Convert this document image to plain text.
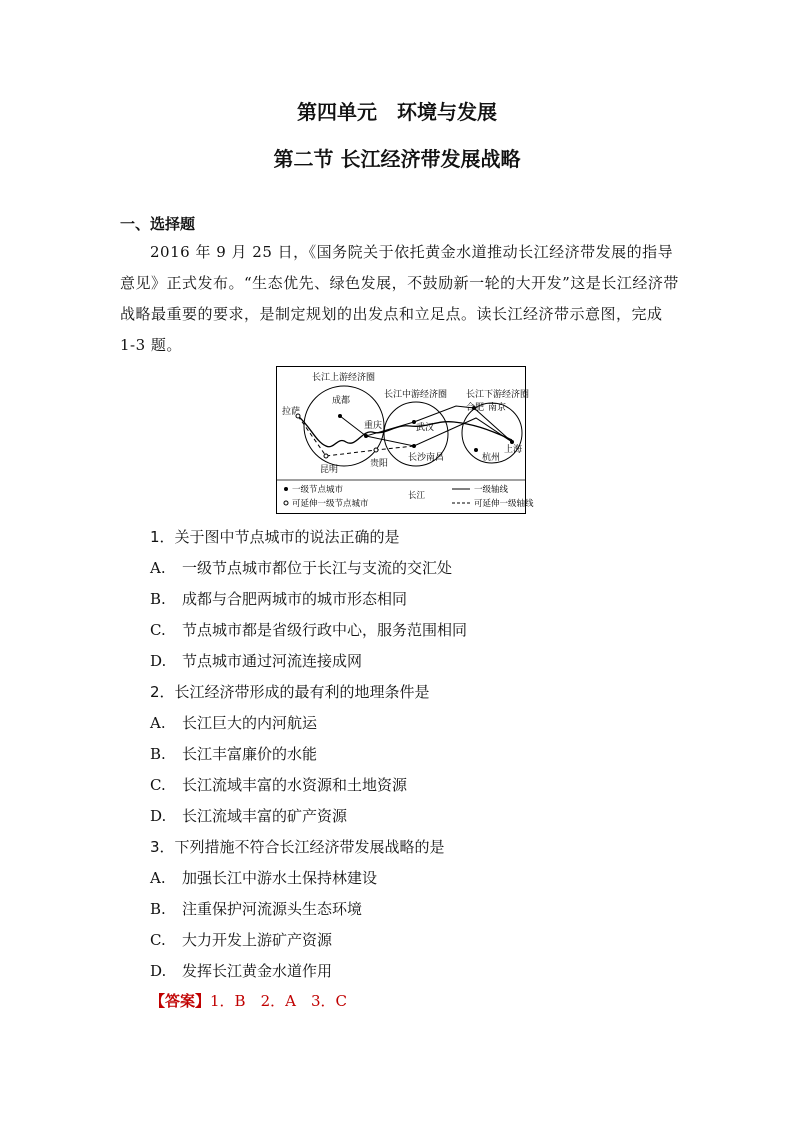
第四单元　环境与发展
第二节 长江经济带发展战略
一、选择题
2016 年 9 月 25 日，《国务院关于依托黄金水道推动长江经济带发展的指导意见》正式发布。“生态优先、绿色发展，不鼓励新一轮的大开发”这是长江经济带战略最重要的要求，是制定规划的出发点和立足点。读长江经济带示意图，完成 1-3 题。
长江上游经济圈
长江中游经济圈 长江下游经济圈
拉萨
成都
重庆
昆明
贵阳
武汉
长沙南昌
合肥 南京
上海
杭州
一级节点城市
可延伸一级节点城市
长江
一级轴线
可延伸一级轴线
1．关于图中节点城市的说法正确的是
A. 一级节点城市都位于长江与支流的交汇处
B. 成都与合肥两城市的城市形态相同
C. 节点城市都是省级行政中心，服务范围相同
D. 节点城市通过河流连接成网
2．长江经济带形成的最有利的地理条件是
A. 长江巨大的内河航运
B. 长江丰富廉价的水能
C. 长江流域丰富的水资源和土地资源
D. 长江流域丰富的矿产资源
3．下列措施不符合长江经济带发展战略的是
A. 加强长江中游水土保持林建设
B. 注重保护河流源头生态环境
C. 大力开发上游矿产资源
D. 发挥长江黄金水道作用
【答案】1．B　2．A　3．C
